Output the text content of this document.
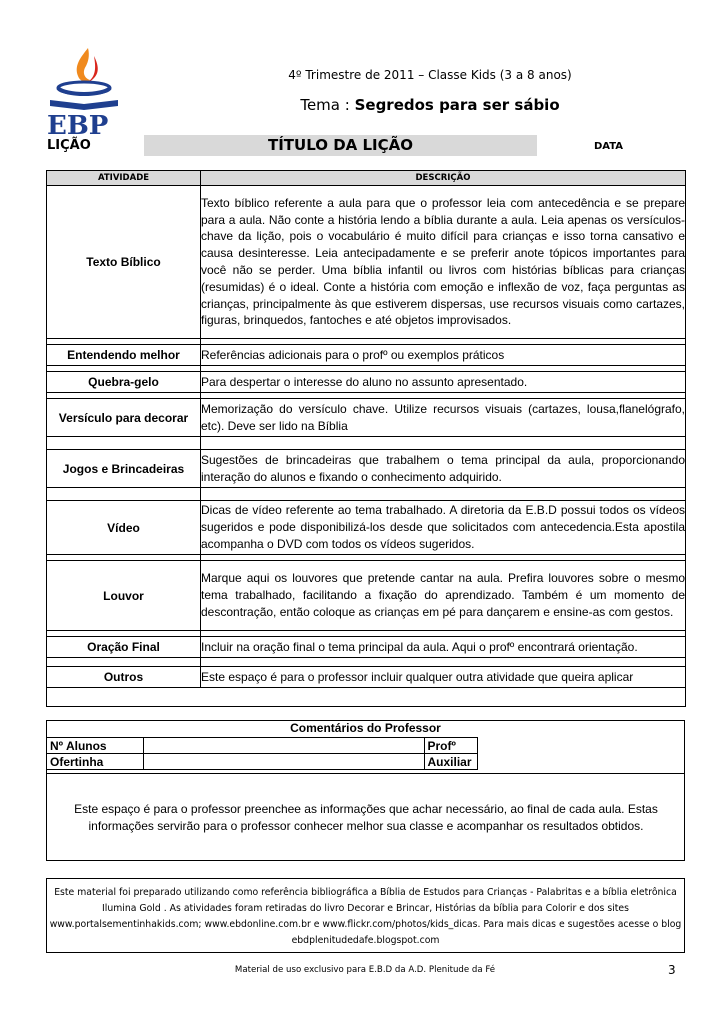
EBP
4º Trimestre de 2011 – Classe Kids (3 a 8 anos)
Tema : Segredos para ser sábio
LIÇÃO	TÍTULO DA LIÇÃO	DATA
ATIVIDADE	DESCRIÇÃO
Texto Bíblico	Texto bíblico referente a aula para que o professor leia com antecedência e se prepare para a aula. Não conte a história lendo a bíblia durante a aula. Leia apenas os versículos-chave da lição, pois o vocabulário é muito difícil para crianças e isso torna cansativo e causa desinteresse. Leia antecipadamente e se preferir anote tópicos importantes para você não se perder. Uma bíblia infantil ou livros com histórias bíblicas para crianças (resumidas) é o ideal. Conte a história com emoção e inflexão de voz, faça perguntas as crianças, principalmente às que estiverem dispersas, use recursos visuais como cartazes, figuras, brinquedos, fantoches e até objetos improvisados.

Entendendo melhor	Referências adicionais para o profº ou exemplos práticos

Quebra-gelo	Para despertar o interesse do aluno no assunto apresentado.

Versículo para decorar	Memorização do versículo chave. Utilize recursos visuais (cartazes, lousa,flanelógrafo, etc). Deve ser lido na Bíblia

Jogos e Brincadeiras	Sugestões de brincadeiras que trabalhem o tema principal da aula, proporcionando interação do alunos e fixando o conhecimento adquirido.

Vídeo	Dicas de vídeo referente ao tema trabalhado. A diretoria da E.B.D possui todos os vídeos sugeridos e pode disponibilizá-los desde que solicitados com antecedencia.Esta apostila acompanha o DVD com todos os vídeos sugeridos.

Louvor	Marque aqui os louvores que pretende cantar na aula. Prefira louvores sobre o mesmo tema trabalhado, facilitando a fixação do aprendizado. Também é um momento de descontração, então coloque as crianças em pé para dançarem e ensine-as com gestos.

Oração Final	Incluir na oração final o tema principal da aula. Aqui o profº encontrará orientação.

Outros	Este espaço é para o professor incluir qualquer outra atividade que queira aplicar

Comentários do Professor
Nº Alunos		Profº	
Ofertinha		Auxiliar	
Este espaço é para o professor preenchee as informações que achar necessário, ao final de cada aula. Estas informações servirão para o professor conhecer melhor sua classe e acompanhar os resultados obtidos.
Este material foi preparado utilizando como referência bibliográfica a Bíblia de Estudos para Crianças - Palabritas e a bíblia eletrônica
Ilumina Gold . As atividades foram retiradas do livro Decorar e Brincar, Histórias da bíblia para Colorir e dos sites
www.portalsementinhakids.com; www.ebdonline.com.br e www.flickr.com/photos/kids_dicas. Para mais dicas e sugestões acesse o blog
ebdplenitudedafe.blogspot.com
Material de uso exclusivo para E.B.D da A.D. Plenitude da Fé	3
